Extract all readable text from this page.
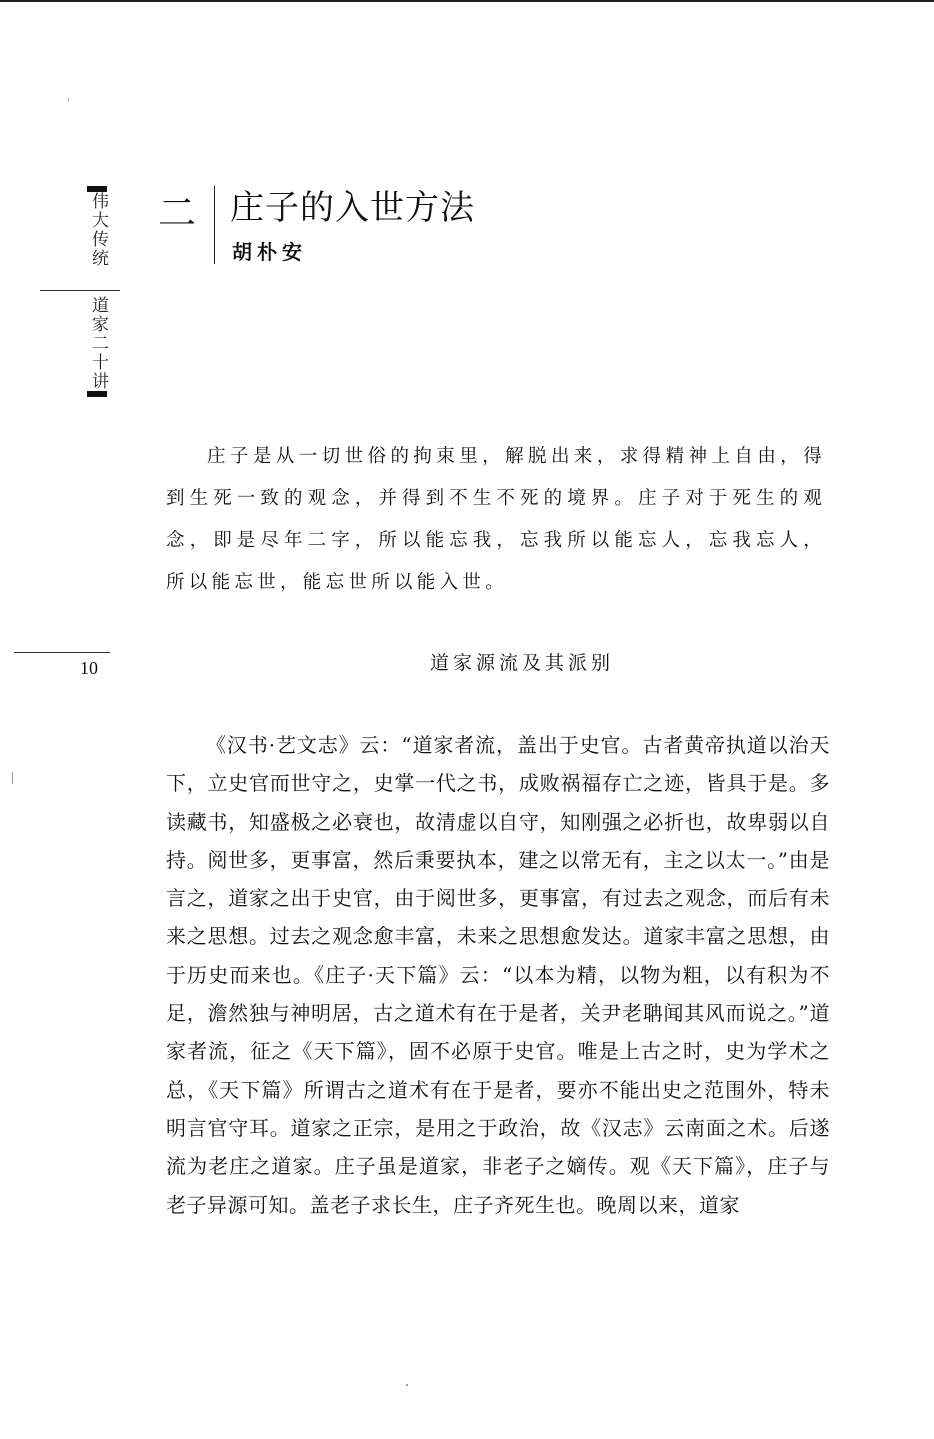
伟大传统
道家二十讲
二 庄子的入世方法
胡朴安

庄子是从一切世俗的拘束里，解脱出来，求得精神上自由，得到生死一致的观念，并得到不生不死的境界。庄子对于死生的观念，即是尽年二字，所以能忘我，忘我所以能忘人，忘我忘人，所以能忘世，能忘世所以能入世。

10	道家源流及其派别

《汉书·艺文志》云：“道家者流，盖出于史官。古者黄帝执道以治天下，立史官而世守之，史掌一代之书，成败祸福存亡之迹，皆具于是。多读藏书，知盛极之必衰也，故清虚以自守，知刚强之必折也，故卑弱以自持。阅世多，更事富，然后秉要执本，建之以常无有，主之以太一。”由是言之，道家之出于史官，由于阅世多，更事富，有过去之观念，而后有未来之思想。过去之观念愈丰富，未来之思想愈发达。道家丰富之思想，由于历史而来也。《庄子·天下篇》云：“以本为精，以物为粗，以有积为不足，澹然独与神明居，古之道术有在于是者，关尹老聃闻其风而说之。”道家者流，征之《天下篇》，固不必原于史官。唯是上古之时，史为学术之总，《天下篇》所谓古之道术有在于是者，要亦不能出史之范围外，特未明言官守耳。道家之正宗，是用之于政治，故《汉志》云南面之术。后遂流为老庄之道家。庄子虽是道家，非老子之嫡传。观《天下篇》，庄子与老子异源可知。盖老子求长生，庄子齐死生也。晚周以来，道家
